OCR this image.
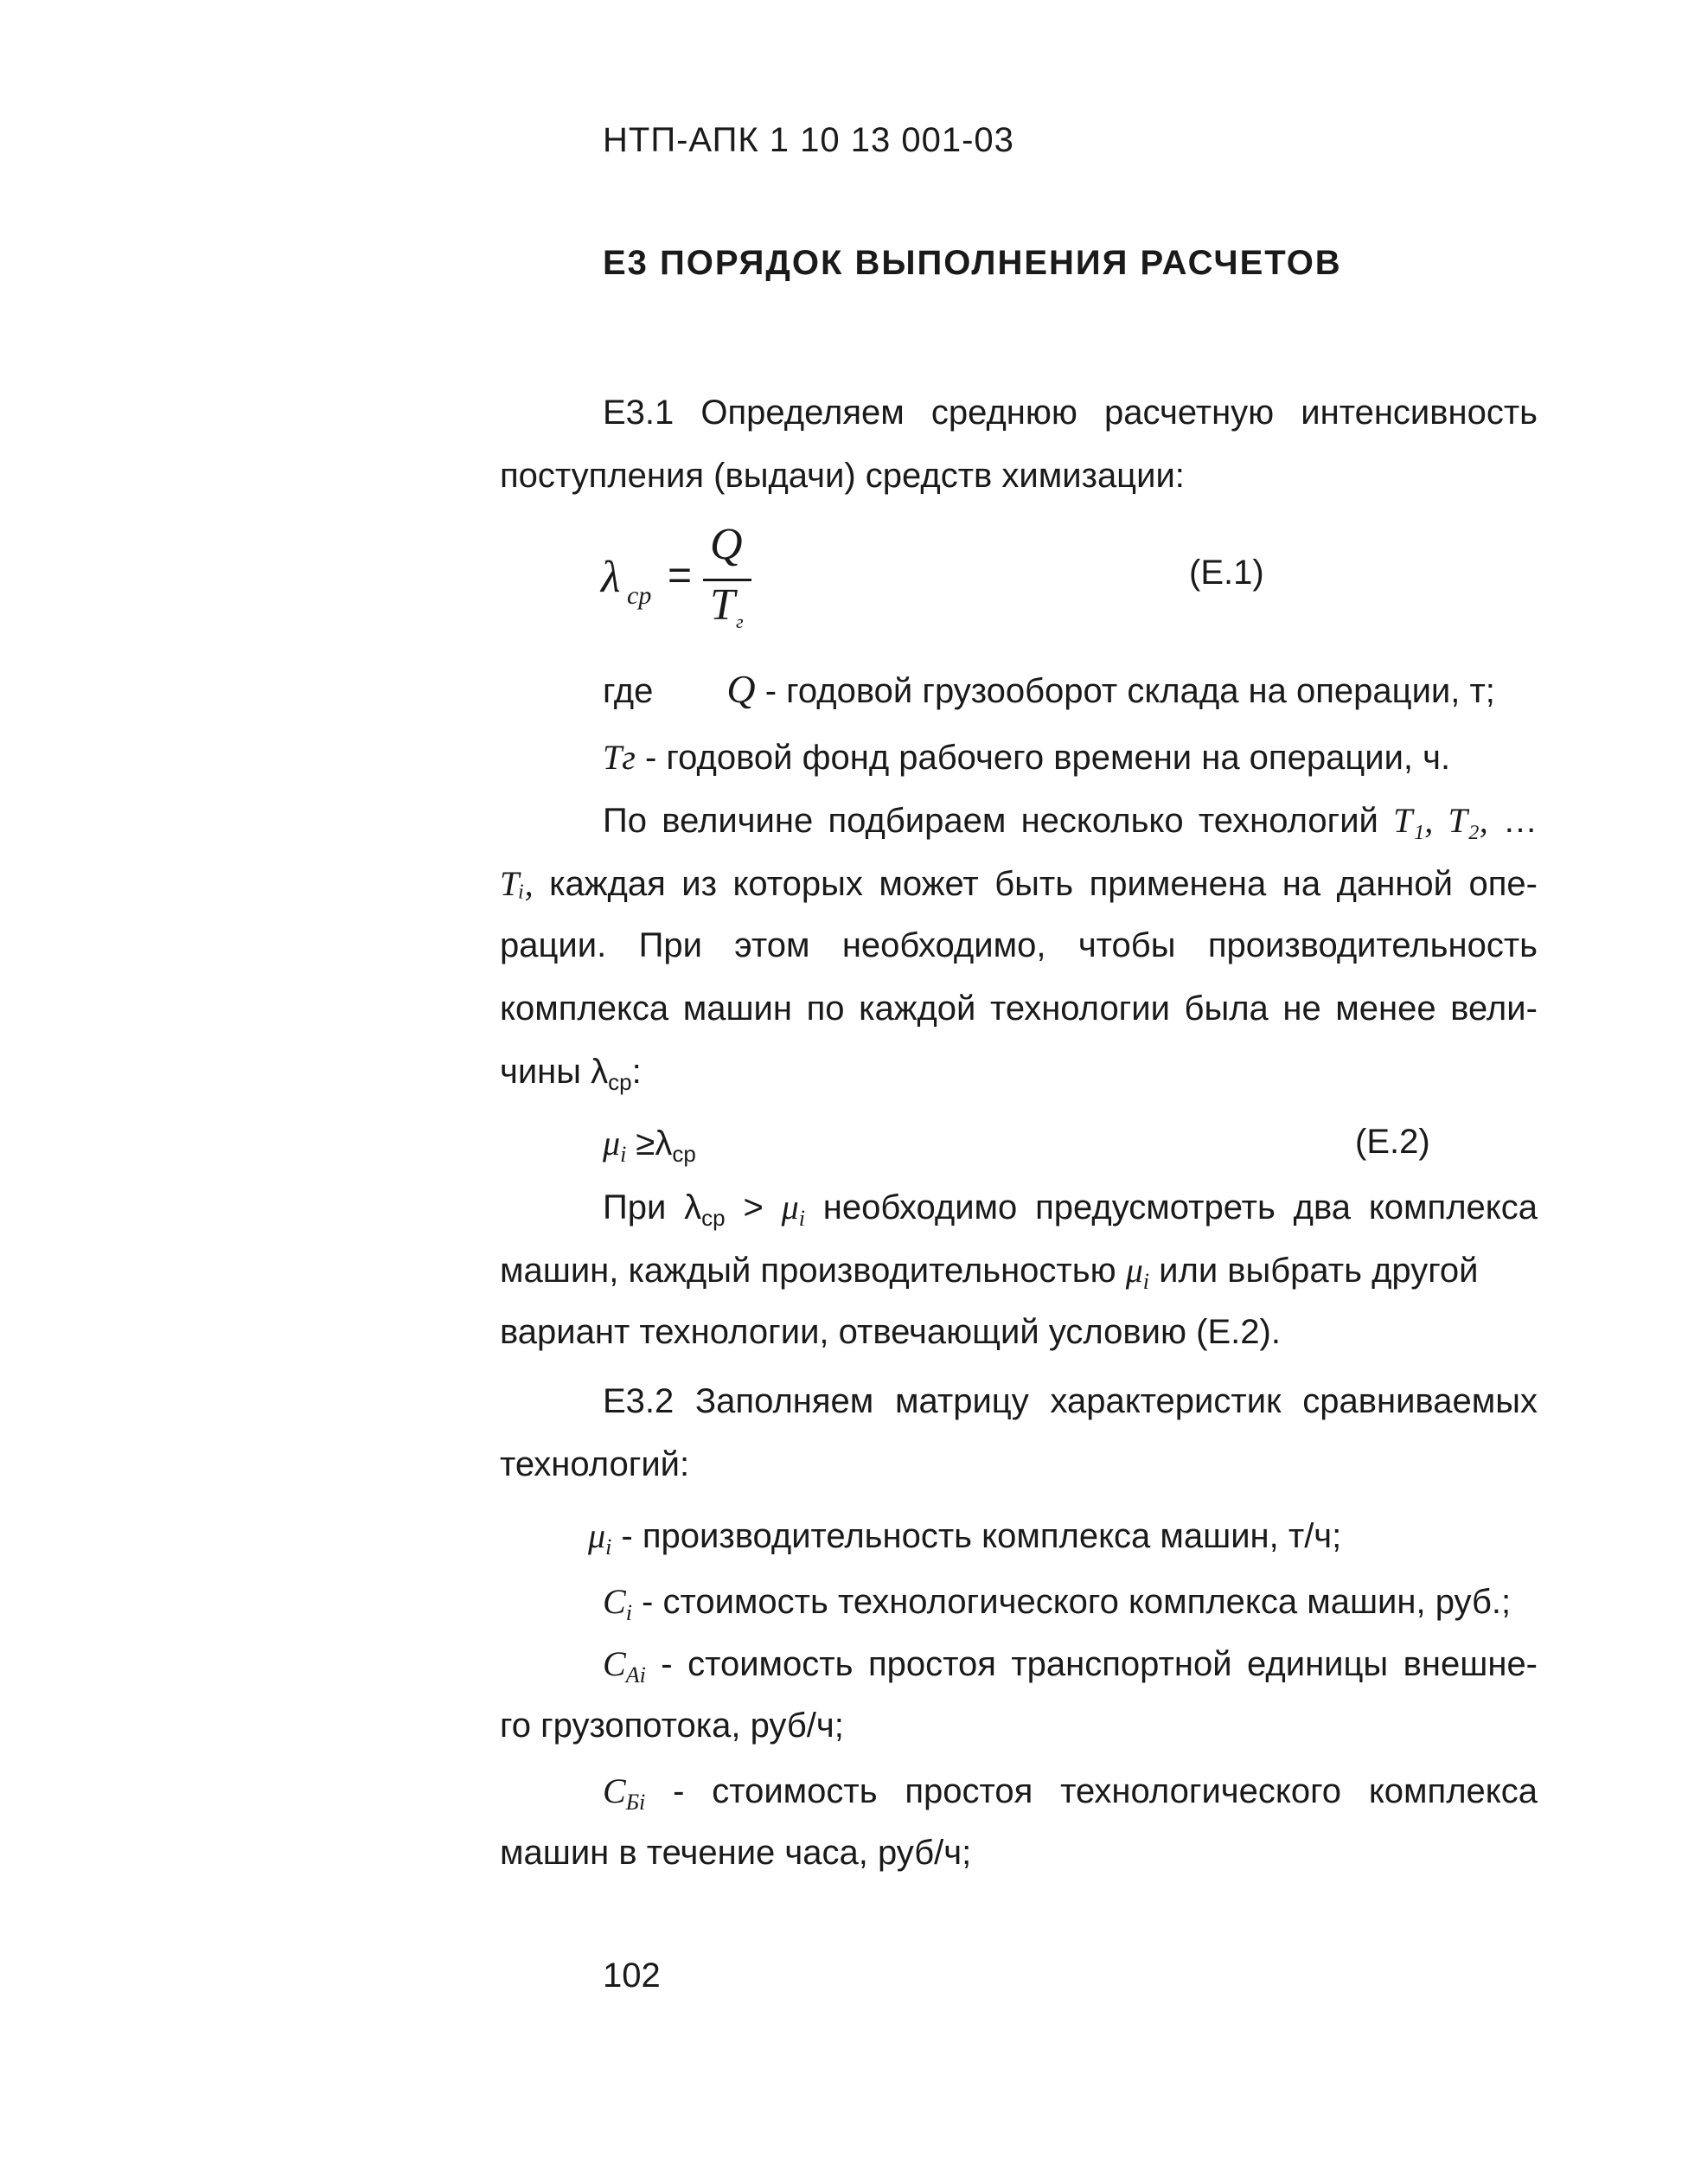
НТП-АПК 1 10 13 001-03
Е3 ПОРЯДОК ВЫПОЛНЕНИЯ РАСЧЕТОВ
Е3.1 Определяем среднюю расчетную интенсивность
поступления (выдачи) средств химизации:
λ ср =
Q
T г
(Е.1)
где Q - годовой грузооборот склада на операции, т;
Тг - годовой фонд рабочего времени на операции, ч.
По величине подбираем несколько технологий Т₁, Т₂, …
Тᵢ, каждая из которых может быть применена на данной опе-
рации. При этом необходимо, чтобы производительность
комплекса машин по каждой технологии была не менее вели-
чины $\lambda_{ср}$:
$\mu_i \ge\lambda_{ср}$	(Е.2)
При $\lambda_{ср} > \mu_i$ необходимо предусмотреть два комплекса
машин, каждый производительностью $\mu_i$ или выбрать другой
вариант технологии, отвечающий условию (Е.2).
Е3.2 Заполняем матрицу характеристик сравниваемых
технологий:
$\mu_i$ - производительность комплекса машин, т/ч;
$C_i$ - стоимость технологического комплекса машин, руб.;
$C_{Ai}$ - стоимость простоя транспортной единицы внешне-
го грузопотока, руб/ч;
$C_{Бi}$ - стоимость простоя технологического комплекса
машин в течение часа, руб/ч;
102
